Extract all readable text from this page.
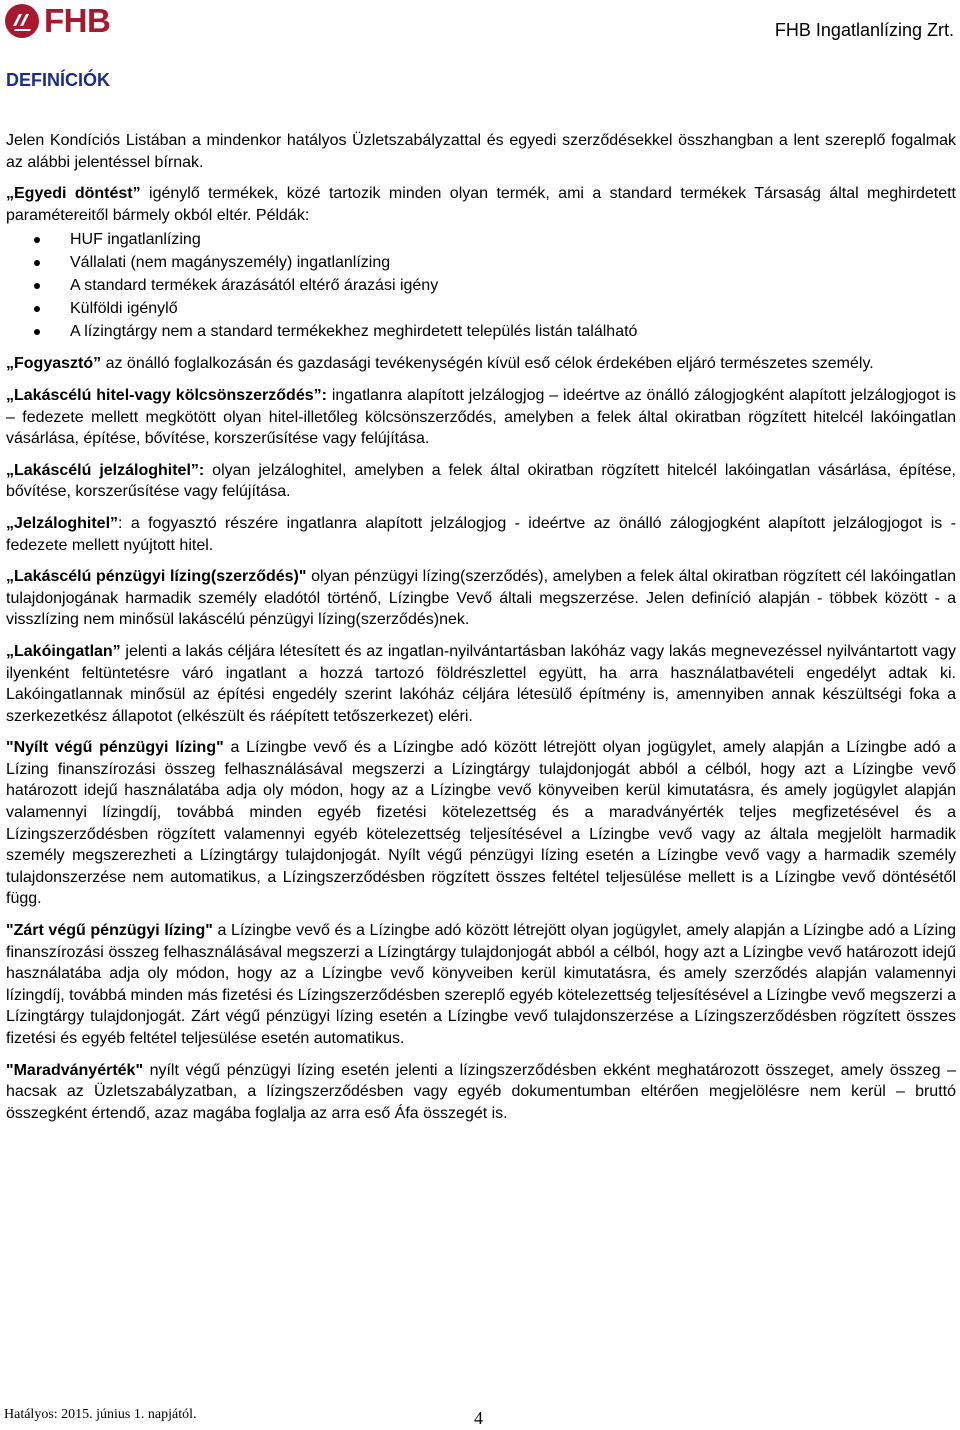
FHB	FHB Ingatlanlízing Zrt.
DEFINÍCIÓK

Jelen Kondíciós Listában a mindenkor hatályos Üzletszabályzattal és egyedi szerződésekkel összhangban a lent szereplő fogalmak az alábbi jelentéssel bírnak.

„Egyedi döntést” igénylő termékek, közé tartozik minden olyan termék, ami a standard termékek Társaság által meghirdetett paramétereitől bármely okból eltér. Példák:

HUF ingatlanlízing
Vállalati (nem magányszemély) ingatlanlízing
A standard termékek árazásától eltérő árazási igény
Külföldi igénylő
A lízingtárgy nem a standard termékekhez meghirdetett település listán található

„Fogyasztó” az önálló foglalkozásán és gazdasági tevékenységén kívül eső célok érdekében eljáró természetes személy.

„Lakáscélú hitel-vagy kölcsönszerződés”: ingatlanra alapított jelzálogjog – ideértve az önálló zálogjogként alapított jelzálogjogot is – fedezete mellett megkötött olyan hitel-illetőleg kölcsönszerződés, amelyben a felek által okiratban rögzített hitelcél lakóingatlan vásárlása, építése, bővítése, korszerűsítése vagy felújítása.

„Lakáscélú jelzáloghitel”: olyan jelzáloghitel, amelyben a felek által okiratban rögzített hitelcél lakóingatlan vásárlása, építése, bővítése, korszerűsítése vagy felújítása.

„Jelzáloghitel”: a fogyasztó részére ingatlanra alapított jelzálogjog - ideértve az önálló zálogjogként alapított jelzálogjogot is - fedezete mellett nyújtott hitel.

„Lakáscélú pénzügyi lízing(szerződés)" olyan pénzügyi lízing(szerződés), amelyben a felek által okiratban rögzített cél lakóingatlan tulajdonjogának harmadik személy eladótól történő, Lízingbe Vevő általi megszerzése. Jelen definíció alapján - többek között - a visszlízing nem minősül lakáscélú pénzügyi lízing(szerződés)nek.

„Lakóingatlan” jelenti a lakás céljára létesített és az ingatlan-nyilvántartásban lakóház vagy lakás megnevezéssel nyilvántartott vagy ilyenként feltüntetésre váró ingatlant a hozzá tartozó földrészlettel együtt, ha arra használatbavételi engedélyt adtak ki. Lakóingatlannak minősül az építési engedély szerint lakóház céljára létesülő építmény is, amennyiben annak készültségi foka a szerkezetkész állapotot (elkészült és ráépített tetőszerkezet) eléri.

"Nyílt végű pénzügyi lízing" a Lízingbe vevő és a Lízingbe adó között létrejött olyan jogügylet, amely alapján a Lízingbe adó a Lízing finanszírozási összeg felhasználásával megszerzi a Lízingtárgy tulajdonjogát abból a célból, hogy azt a Lízingbe vevő határozott idejű használatába adja oly módon, hogy az a Lízingbe vevő könyveiben kerül kimutatásra, és amely jogügylet alapján valamennyi lízingdíj, továbbá minden egyéb fizetési kötelezettség és a maradványérték teljes megfizetésével és a Lízingszerződésben rögzített valamennyi egyéb kötelezettség teljesítésével a Lízingbe vevő vagy az általa megjelölt harmadik személy megszerezheti a Lízingtárgy tulajdonjogát. Nyílt végű pénzügyi lízing esetén a Lízingbe vevő vagy a harmadik személy tulajdonszerzése nem automatikus, a Lízingszerződésben rögzített összes feltétel teljesülése mellett is a Lízingbe vevő döntésétől függ.

"Zárt végű pénzügyi lízing" a Lízingbe vevő és a Lízingbe adó között létrejött olyan jogügylet, amely alapján a Lízingbe adó a Lízing finanszírozási összeg felhasználásával megszerzi a Lízingtárgy tulajdonjogát abból a célból, hogy azt a Lízingbe vevő határozott idejű használatába adja oly módon, hogy az a Lízingbe vevő könyveiben kerül kimutatásra, és amely szerződés alapján valamennyi lízingdíj, továbbá minden más fizetési és Lízingszerződésben szereplő egyéb kötelezettség teljesítésével a Lízingbe vevő megszerzi a Lízingtárgy tulajdonjogát. Zárt végű pénzügyi lízing esetén a Lízingbe vevő tulajdonszerzése a Lízingszerződésben rögzített összes fizetési és egyéb feltétel teljesülése esetén automatikus.

"Maradványérték" nyílt végű pénzügyi lízing esetén jelenti a lízingszerződésben ekként meghatározott összeget, amely összeg – hacsak az Üzletszabályzatban, a lízingszerződésben vagy egyéb dokumentumban eltérően megjelölésre nem kerül – bruttó összegként értendő, azaz magába foglalja az arra eső Áfa összegét is.

Hatályos: 2015. június 1. napjától.	4
